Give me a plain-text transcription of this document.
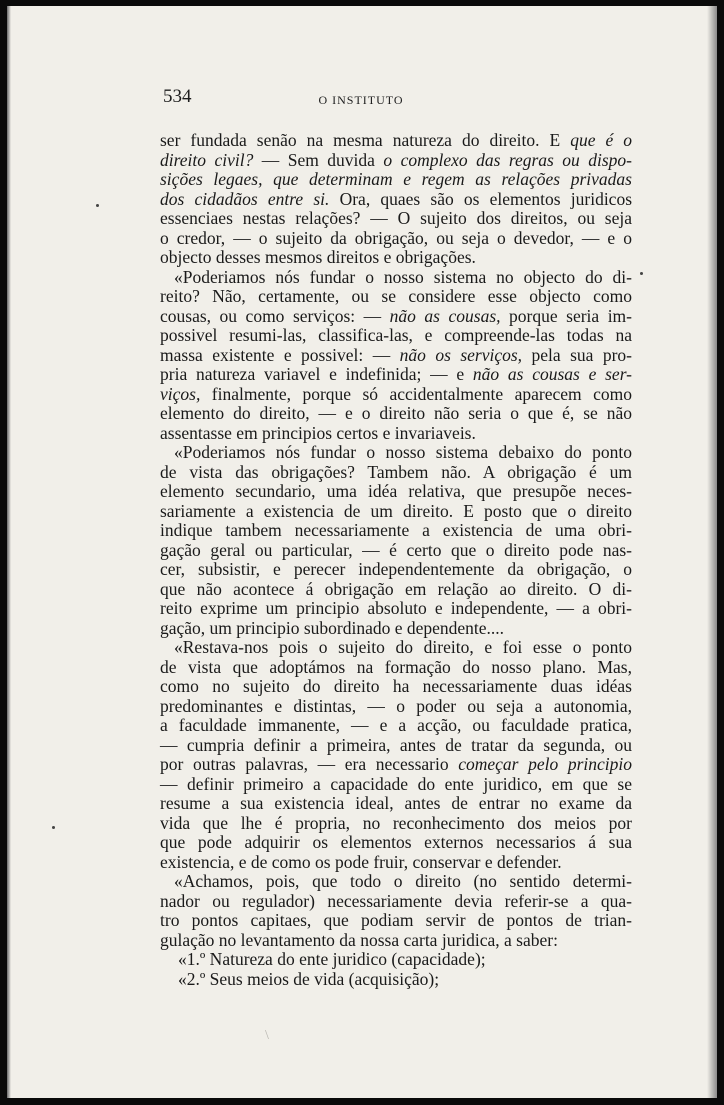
534	O INSTITUTO
ser fundada senão na mesma natureza do direito. E que é o
direito civil? — Sem duvida o complexo das regras ou dispo-
sições legaes, que determinam e regem as relações privadas
dos cidadãos entre si. Ora, quaes são os elementos juridicos
essenciaes nestas relações? — O sujeito dos direitos, ou seja
o credor, — o sujeito da obrigação, ou seja o devedor, — e o
objecto desses mesmos direitos e obrigações.
«Poderiamos nós fundar o nosso sistema no objecto do di-
reito? Não, certamente, ou se considere esse objecto como
cousas, ou como serviços: — não as cousas, porque seria im-
possivel resumi-las, classifica-las, e compreende-las todas na
massa existente e possivel: — não os serviços, pela sua pro-
pria natureza variavel e indefinida; — e não as cousas e ser-
viços, finalmente, porque só accidentalmente aparecem como
elemento do direito, — e o direito não seria o que é, se não
assentasse em principios certos e invariaveis.
«Poderiamos nós fundar o nosso sistema debaixo do ponto
de vista das obrigações? Tambem não. A obrigação é um
elemento secundario, uma idéa relativa, que presupõe neces-
sariamente a existencia de um direito. E posto que o direito
indique tambem necessariamente a existencia de uma obri-
gação geral ou particular, — é certo que o direito pode nas-
cer, subsistir, e perecer independentemente da obrigação, o
que não acontece á obrigação em relação ao direito. O di-
reito exprime um principio absoluto e independente, — a obri-
gação, um principio subordinado e dependente....
«Restava-nos pois o sujeito do direito, e foi esse o ponto
de vista que adoptámos na formação do nosso plano. Mas,
como no sujeito do direito ha necessariamente duas idéas
predominantes e distintas, — o poder ou seja a autonomia,
a faculdade immanente, — e a acção, ou faculdade pratica,
— cumpria definir a primeira, antes de tratar da segunda, ou
por outras palavras, — era necessario começar pelo principio
— definir primeiro a capacidade do ente juridico, em que se
resume a sua existencia ideal, antes de entrar no exame da
vida que lhe é propria, no reconhecimento dos meios por
que pode adquirir os elementos externos necessarios á sua
existencia, e de como os pode fruir, conservar e defender.
«Achamos, pois, que todo o direito (no sentido determi-
nador ou regulador) necessariamente devia referir-se a qua-
tro pontos capitaes, que podiam servir de pontos de trian-
gulação no levantamento da nossa carta juridica, a saber:
«1.º Natureza do ente juridico (capacidade);
«2.º Seus meios de vida (acquisição);
\
